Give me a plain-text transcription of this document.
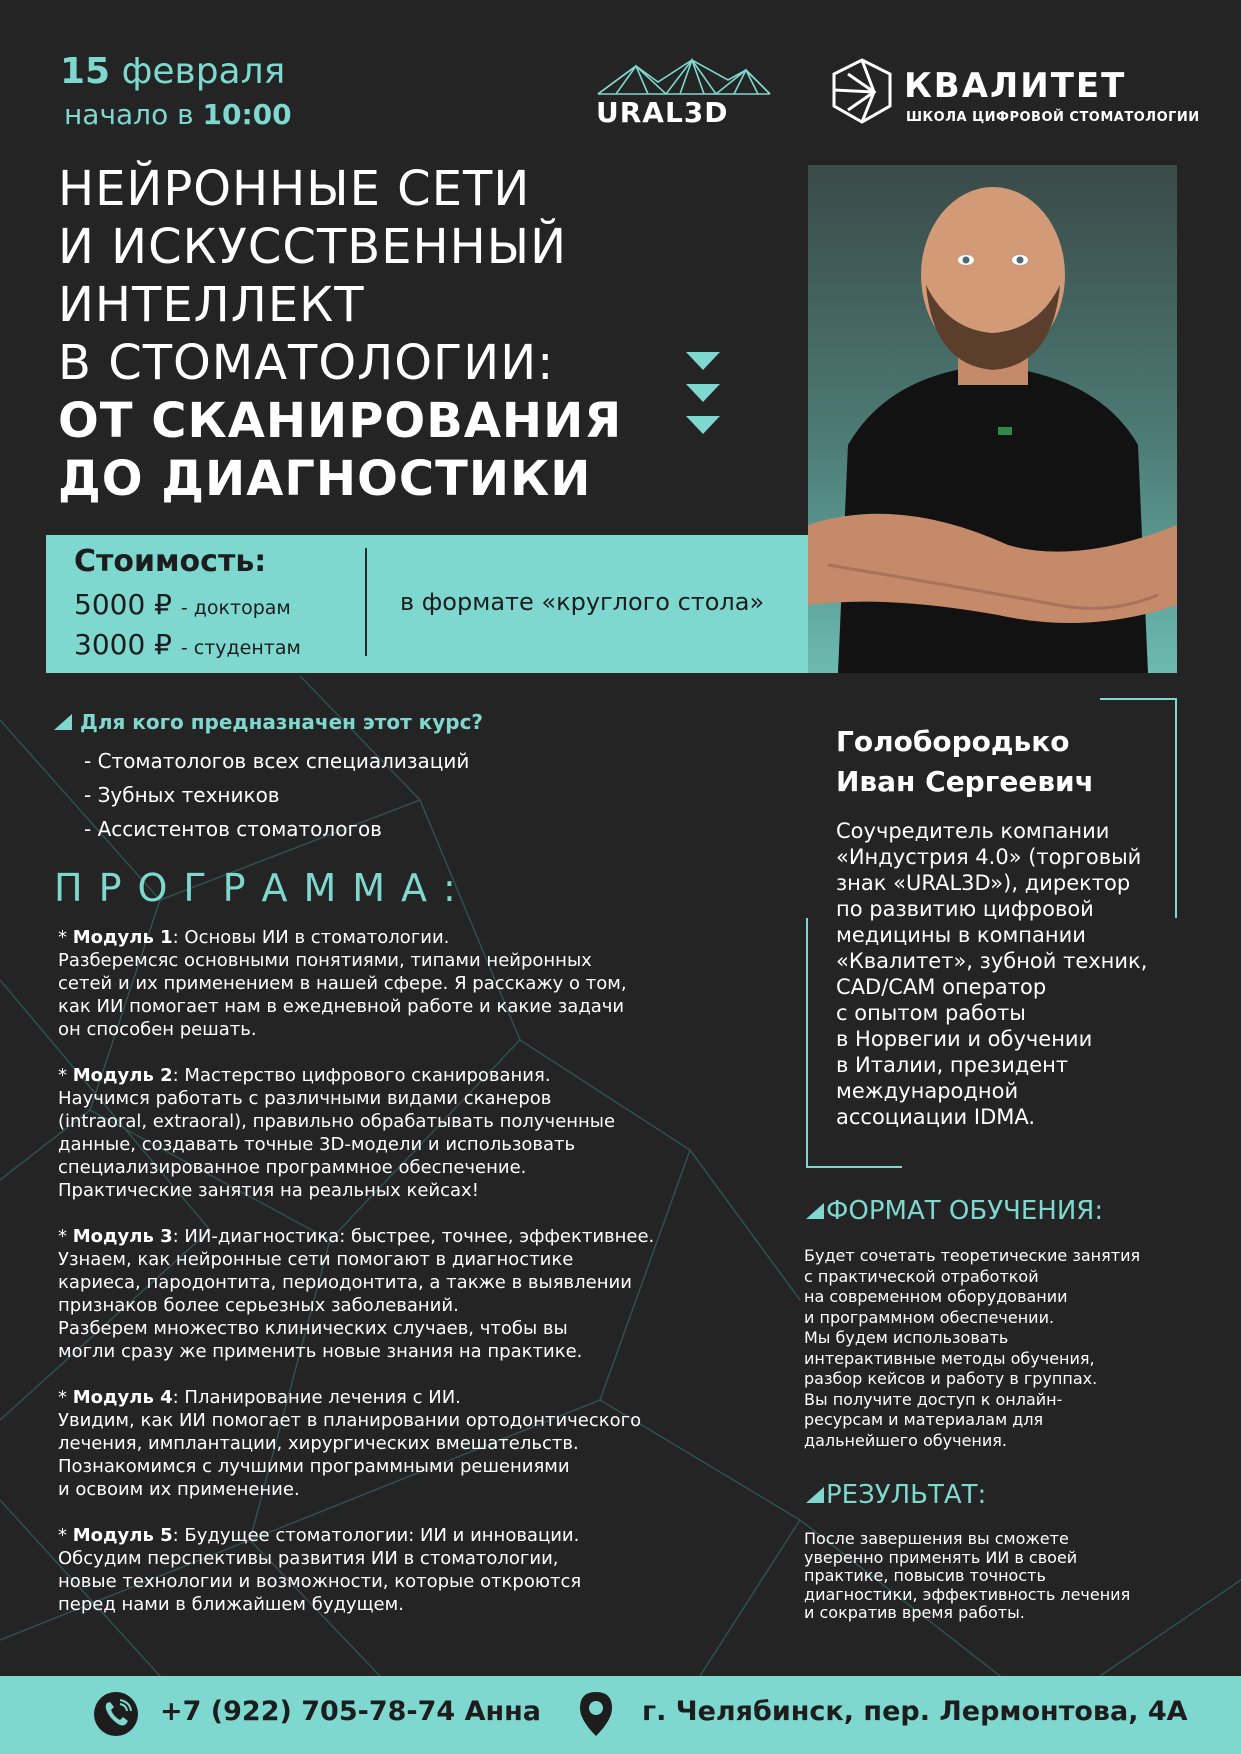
15 февраля
начало в 10:00	URAL3D
КВАЛИТЕТ
ШКОЛА ЦИФРОВОЙ СТОМАТОЛОГИИ
НЕЙРОННЫЕ СЕТИ
И ИСКУССТВЕННЫЙ
ИНТЕЛЛЕКТ
В СТОМАТОЛОГИИ:
ОТ СКАНИРОВАНИЯ
ДО ДИАГНОСТИКИ
Стоимость:
5000 ₽ - докторам
3000 ₽ - студентам
в формате «круглого стола»
Для кого предназначен этот курс?
- Стоматологов всех специализаций
- Зубных техников
- Ассистентов стоматологов
ПРОГРАММА:

* Модуль 1: Основы ИИ в стоматологии.

Разберемсяс основными понятиями, типами нейронных

сетей и их применением в нашей сфере. Я расскажу о том,

как ИИ помогает нам в ежедневной работе и какие задачи

он способен решать.

* Модуль 2: Мастерство цифрового сканирования.

Научимся работать с различными видами сканеров

(intraoral, extraoral), правильно обрабатывать полученные

данные, создавать точные 3D-модели и использовать

специализированное программное обеспечение.

Практические занятия на реальных кейсах!

* Модуль 3: ИИ-диагностика: быстрее, точнее, эффективнее.

Узнаем, как нейронные сети помогают в диагностике

кариеса, пародонтита, периодонтита, а также в выявлении

признаков более серьезных заболеваний.

Разберем множество клинических случаев, чтобы вы

могли сразу же применить новые знания на практике.

* Модуль 4: Планирование лечения с ИИ.

Увидим, как ИИ помогает в планировании ортодонтического

лечения, имплантации, хирургических вмешательств.

Познакомимся с лучшими программными решениями

и освоим их применение.

* Модуль 5: Будущее стоматологии: ИИ и инновации.

Обсудим перспективы развития ИИ в стоматологии,

новые технологии и возможности, которые откроются

перед нами в ближайшем будущем.

Голобородько
Иван Сергеевич
Соучредитель компании
«Индустрия 4.0» (торговый
знак «URAL3D»), директор
по развитию цифровой
медицины в компании
«Квалитет», зубной техник,
CAD/CAM оператор
с опытом работы
в Норвегии и обучении
в Италии, президент
международной
ассоциации IDMA.
ФОРМАТ ОБУЧЕНИЯ:
Будет сочетать теоретические занятия
с практической отработкой
на современном оборудовании
и программном обеспечении.
Мы будем использовать
интерактивные методы обучения,
разбор кейсов и работу в группах.
Вы получите доступ к онлайн-
ресурсам и материалам для
дальнейшего обучения.
РЕЗУЛЬТАТ:
После завершения вы сможете
уверенно применять ИИ в своей
практике, повысив точность
диагностики, эффективность лечения
и сократив время работы.
+7 (922) 705-78-74 Анна	г. Челябинск, пер. Лермонтова, 4А
